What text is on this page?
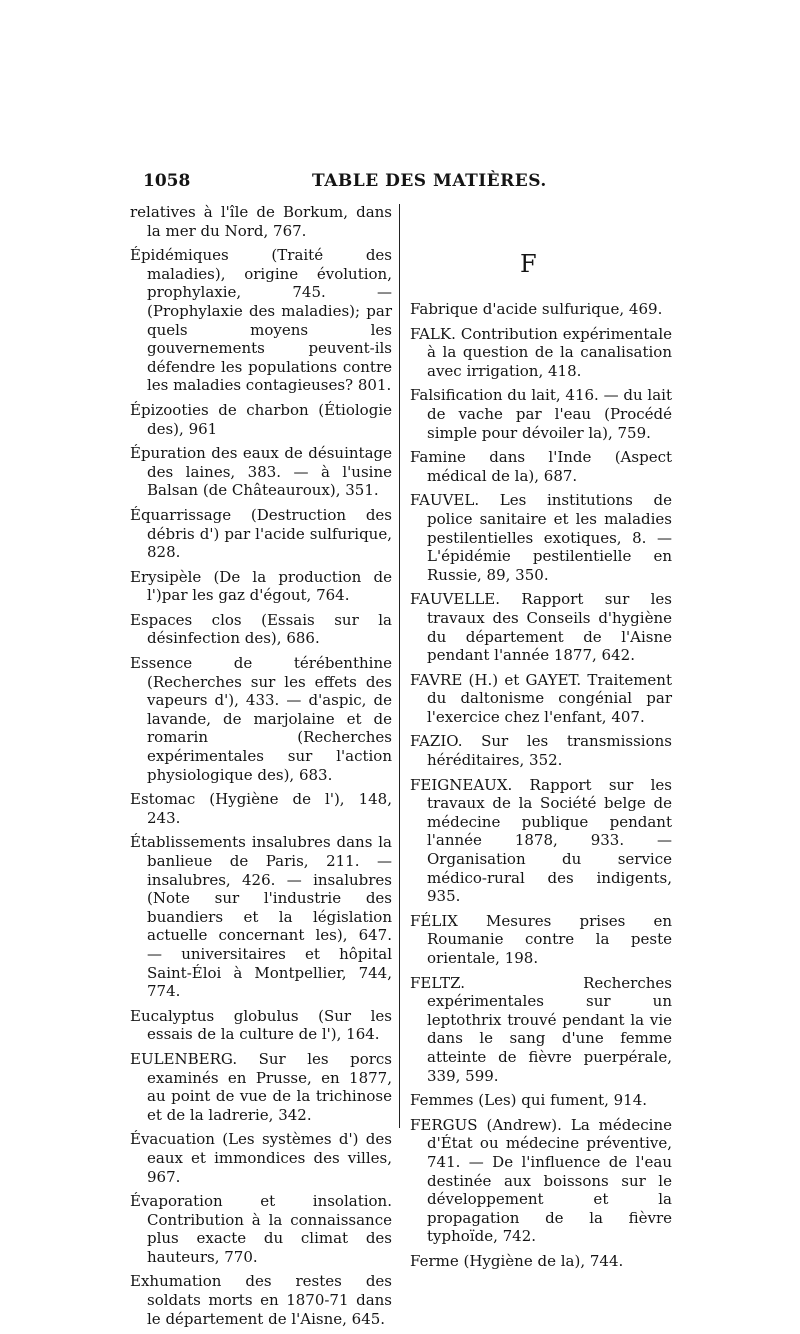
1058	TABLE DES MATIÈRES.

relatives à l'île de Borkum, dans la mer du Nord, 767.

Épidémiques (Traité des maladies), origine évolution, prophylaxie, 745. — (Prophylaxie des maladies); par quels moyens les gouvernements peuvent-ils défendre les populations contre les maladies contagieuses? 801.

Épizooties de charbon (Étiologie des), 961

Épuration des eaux de désuintage des laines, 383. — à l'usine Balsan (de Châteauroux), 351.

Équarrissage (Destruction des débris d') par l'acide sulfurique, 828.

Erysipèle (De la production de l')par les gaz d'égout, 764.

Espaces clos (Essais sur la désinfection des), 686.

Essence de térébenthine (Recherches sur les effets des vapeurs d'), 433. — d'aspic, de lavande, de marjolaine et de romarin (Recherches expérimentales sur l'action physiologique des), 683.

Estomac (Hygiène de l'), 148, 243.

Établissements insalubres dans la banlieue de Paris, 211. — insalubres, 426. — insalubres (Note sur l'industrie des buandiers et la législation actuelle concernant les), 647. — universitaires et hôpital Saint-Éloi à Montpellier, 744, 774.

Eucalyptus globulus (Sur les essais de la culture de l'), 164.

EULENBERG. Sur les porcs examinés en Prusse, en 1877, au point de vue de la trichinose et de la ladrerie, 342.

Évacuation (Les systèmes d') des eaux et immondices des villes, 967.

Évaporation et insolation. Contribution à la connaissance plus exacte du climat des hauteurs, 770.

Exhumation des restes des soldats morts en 1870-71 dans le département de l'Aisne, 645.

F

Fabrique d'acide sulfurique, 469.

FALK. Contribution expérimentale à la question de la canalisation avec irrigation, 418.

Falsification du lait, 416. — du lait de vache par l'eau (Procédé simple pour dévoiler la), 759.

Famine dans l'Inde (Aspect médical de la), 687.

FAUVEL. Les institutions de police sanitaire et les maladies pestilentielles exotiques, 8. — L'épidémie pestilentielle en Russie, 89, 350.

FAUVELLE. Rapport sur les travaux des Conseils d'hygiène du département de l'Aisne pendant l'année 1877, 642.

FAVRE (H.) et GAYET. Traitement du daltonisme congénial par l'exercice chez l'enfant, 407.

FAZIO. Sur les transmissions héréditaires, 352.

FEIGNEAUX. Rapport sur les travaux de la Société belge de médecine publique pendant l'année 1878, 933. — Organisation du service médico-rural des indigents, 935.

FÉLIX Mesures prises en Roumanie contre la peste orientale, 198.

FELTZ. Recherches expérimentales sur un leptothrix trouvé pendant la vie dans le sang d'une femme atteinte de fièvre puerpérale, 339, 599.

Femmes (Les) qui fument, 914.

FERGUS (Andrew). La médecine d'État ou médecine préventive, 741. — De l'influence de l'eau destinée aux boissons sur le développement et la propagation de la fièvre typhoïde, 742.

Ferme (Hygiène de la), 744.
